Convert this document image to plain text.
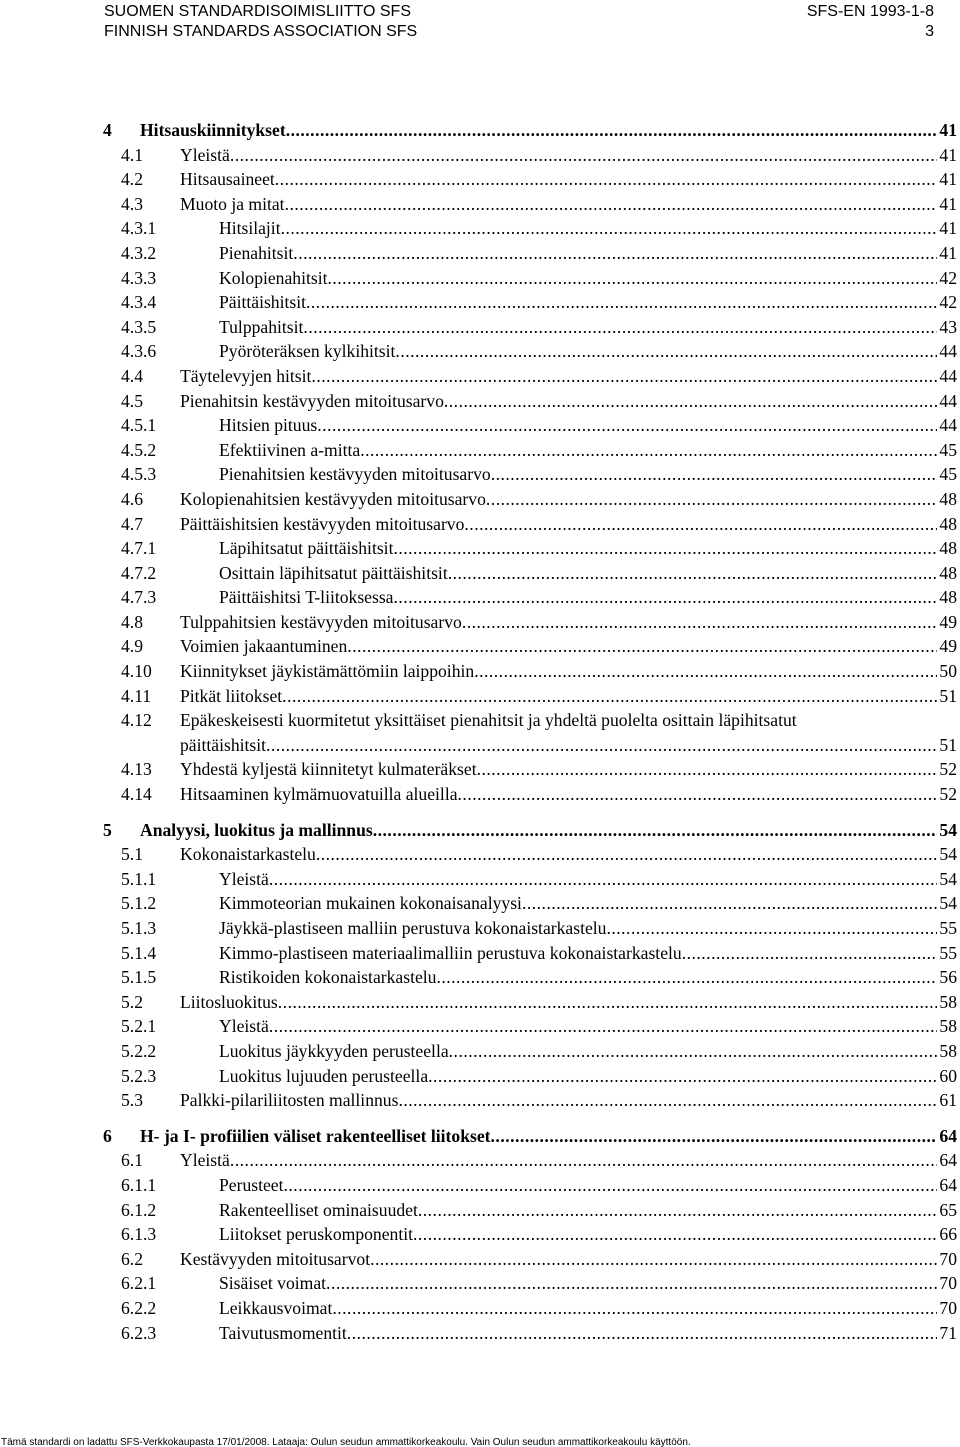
SUOMEN STANDARDISOIMISLIITTO SFS
FINNISH STANDARDS ASSOCIATION SFS
SFS-EN 1993-1-8
3
4 Hitsauskiinnitykset .....	41
4.1 Yleistä .....	41
4.2 Hitsausaineet .....	41
4.3 Muoto ja mitat .....	41
4.3.1	Hitsilajit .....	41
4.3.2	Pienahitsit .....	41
4.3.3	Kolopienahitsit .....	42
4.3.4	Päittäishitsit .....	42
4.3.5	Tulppahitsit .....	43
4.3.6	Pyöröteräksen kylkihitsit .....	44
4.4 Täytelevyjen hitsit .....	44
4.5 Pienahitsin kestävyyden mitoitusarvo .....	44
4.5.1	Hitsien pituus .....	44
4.5.2	Efektiivinen a-mitta .....	45
4.5.3	Pienahitsien kestävyyden mitoitusarvo .....	45
4.6 Kolopienahitsien kestävyyden mitoitusarvo .....	48
4.7 Päittäishitsien kestävyyden mitoitusarvo .....	48
4.7.1	Läpihitsatut päittäishitsit .....	48
4.7.2	Osittain läpihitsatut päittäishitsit .....	48
4.7.3	Päittäishitsi T-liitoksessa .....	48
4.8 Tulppahitsien kestävyyden mitoitusarvo .....	49
4.9 Voimien jakaantuminen .....	49
4.10 Kiinnitykset jäykistämättömiin laippoihin .....	50
4.11 Pitkät liitokset .....	51
4.12 Epäkeskeisesti kuormitetut yksittäiset pienahitsit ja yhdeltä puolelta osittain läpihitsatut
päittäishitsit .....	51
4.13 Yhdestä kyljestä kiinnitetyt kulmateräkset .....	52
4.14 Hitsaaminen kylmämuovatuilla alueilla .....	52
5 Analyysi, luokitus ja mallinnus .....	54
5.1 Kokonaistarkastelu .....	54
5.1.1	Yleistä .....	54
5.1.2	Kimmoteorian mukainen kokonaisanalyysi .....	54
5.1.3	Jäykkä-plastiseen malliin perustuva kokonaistarkastelu .....	55
5.1.4	Kimmo-plastiseen materiaalimalliin perustuva kokonaistarkastelu .....	55
5.1.5	Ristikoiden kokonaistarkastelu .....	56
5.2 Liitosluokitus .....	58
5.2.1	Yleistä .....	58
5.2.2	Luokitus jäykkyyden perusteella .....	58
5.2.3	Luokitus lujuuden perusteella .....	60
5.3 Palkki-pilariliitosten mallinnus .....	61
6 H- ja I- profiilien väliset rakenteelliset liitokset .....	64
6.1 Yleistä .....	64
6.1.1	Perusteet .....	64
6.1.2	Rakenteelliset ominaisuudet .....	65
6.1.3	Liitokset peruskomponentit .....	66
6.2 Kestävyyden mitoitusarvot .....	70
6.2.1	Sisäiset voimat .....	70
6.2.2	Leikkausvoimat .....	70
6.2.3	Taivutusmomentit .....	71
Tämä standardi on ladattu SFS-Verkkokaupasta 17/01/2008. Lataaja: Oulun seudun ammattikorkeakoulu. Vain Oulun seudun ammattikorkeakoulu käyttöön.
